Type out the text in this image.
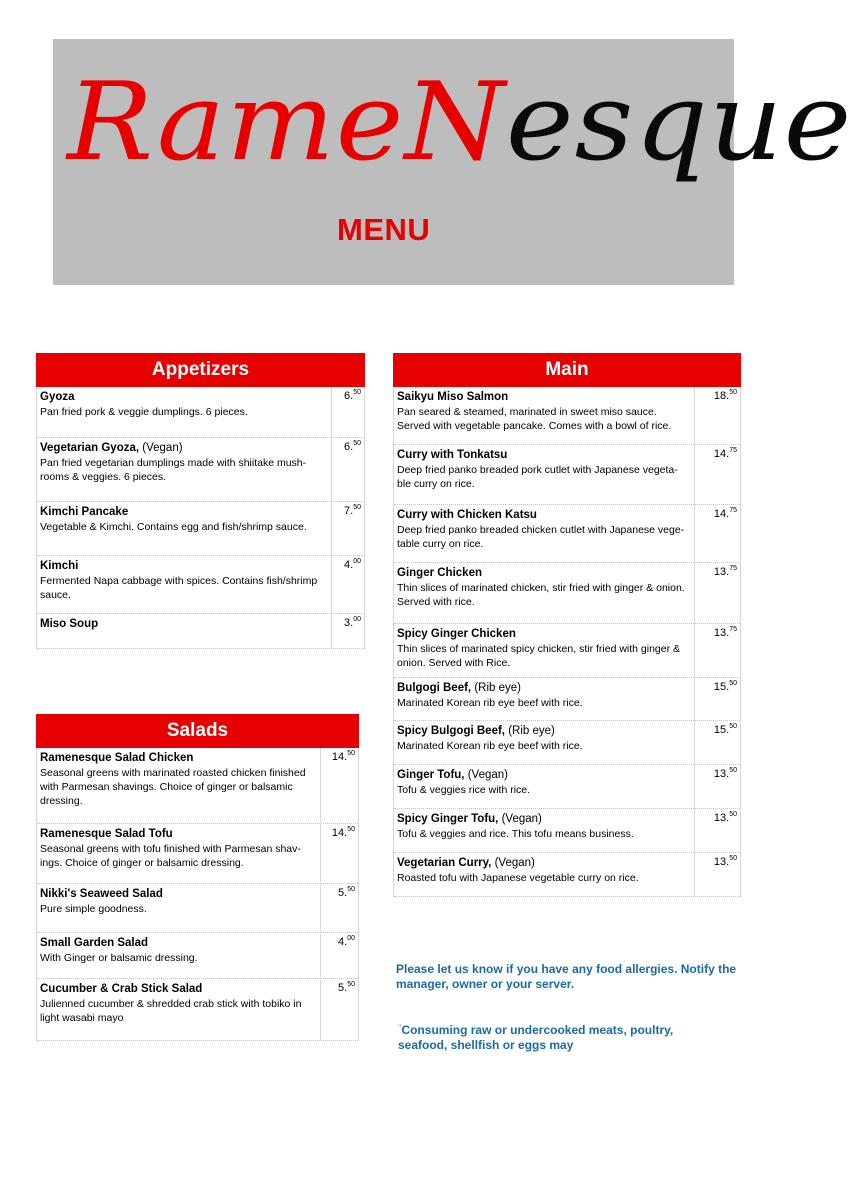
RameNesque
MENU
Appetizers
Gyoza
Pan fried pork & veggie dumplings. 6 pieces.
6.50
Vegetarian Gyoza, (Vegan)
Pan fried vegetarian dumplings made with shiitake mush-rooms & veggies. 6 pieces.
6.50
Kimchi Pancake
Vegetable & Kimchi. Contains egg and fish/shrimp sauce.
7.50
Kimchi
Fermented Napa cabbage with spices. Contains fish/shrimp sauce.
4.00
Miso Soup	3.00
Salads
Ramenesque Salad Chicken
Seasonal greens with marinated roasted chicken finished with Parmesan shavings. Choice of ginger or balsamic dressing.
14.50
Ramenesque Salad Tofu
Seasonal greens with tofu finished with Parmesan shav-ings. Choice of ginger or balsamic dressing.
14.50
Nikki's Seaweed Salad
Pure simple goodness.
5.50
Small Garden Salad
With Ginger or balsamic dressing.
4.00
Cucumber & Crab Stick Salad
Julienned cucumber & shredded crab stick with tobiko in light wasabi mayo
5.50
Main
Saikyu Miso Salmon
Pan seared & steamed, marinated in sweet miso sauce. Served with vegetable pancake. Comes with a bowl of rice.
18.50
Curry with Tonkatsu
Deep fried panko breaded pork cutlet with Japanese vegeta-ble curry on rice.
14.75
Curry with Chicken Katsu
Deep fried panko breaded chicken cutlet with Japanese vege-table curry on rice.
14.75
Ginger Chicken
Thin slices of marinated chicken, stir fried with ginger & onion. Served with rice.
13.75
Spicy Ginger Chicken
Thin slices of marinated spicy chicken, stir fried with ginger & onion. Served with Rice.
13.75
Bulgogi Beef, (Rib eye)
Marinated Korean rib eye beef with rice.
15.50
Spicy Bulgogi Beef, (Rib eye)
Marinated Korean rib eye beef with rice.
15.50
Ginger Tofu, (Vegan)
Tofu & veggies rice with rice.
13.50
Spicy Ginger Tofu, (Vegan)
Tofu & veggies and rice. This tofu means business.
13.50
Vegetarian Curry, (Vegan)
Roasted tofu with Japanese vegetable curry on rice.
13.50
Please let us know if you have any food allergies. Notify the manager, owner or your server.
''Consuming raw or undercooked meats, poultry, seafood, shellfish or eggs may
